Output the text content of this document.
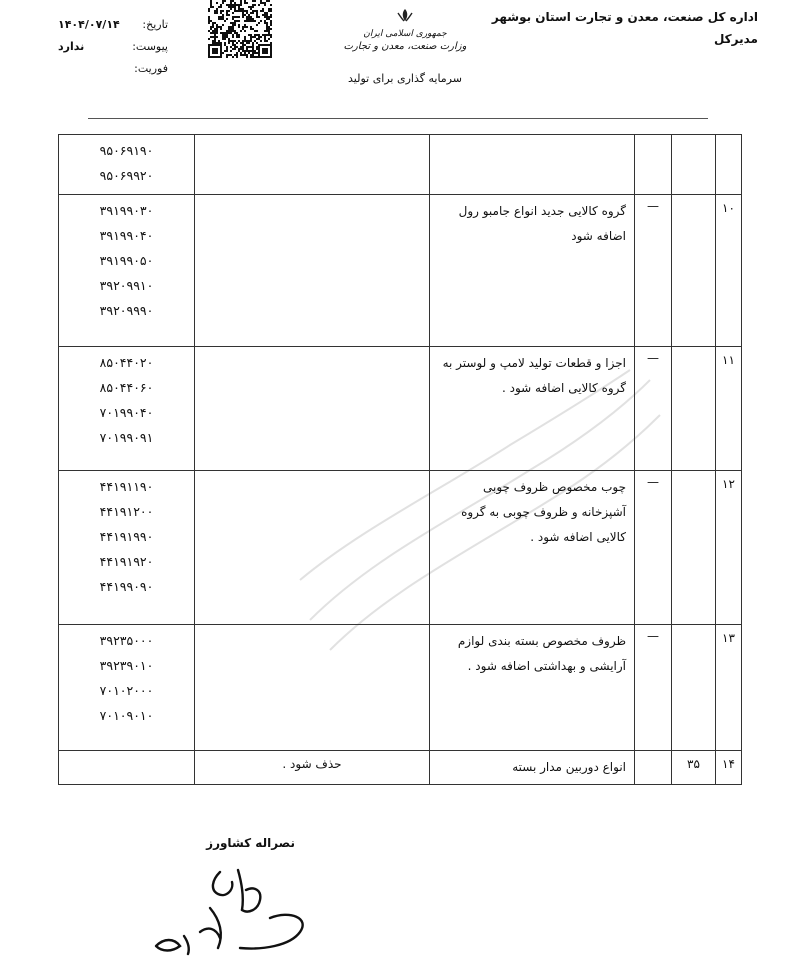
اداره کل صنعت، معدن و تجارت استان بوشهر
مدیرکل
جمهوری اسلامی ایران
وزارت صنعت، معدن و تجارت
سرمایه گذاری برای تولید
تاریخ:
۱۴۰۴/۰۷/۱۴
پیوست:
ندارد
فوریت:

					۹۵۰۶۹۱۹۰
۹۵۰۶۹۹۲۰

۱۰		—	گروه کالایی جدید انواع جامبو رول اضافه شود		۳۹۱۹۹۰۳۰
۳۹۱۹۹۰۴۰
۳۹۱۹۹۰۵۰
۳۹۲۰۹۹۱۰
۳۹۲۰۹۹۹۰

۱۱		—	اجزا و قطعات تولید لامپ و لوستر به گروه کالایی اضافه شود .		۸۵۰۴۴۰۲۰
۸۵۰۴۴۰۶۰
۷۰۱۹۹۰۴۰
۷۰۱۹۹۰۹۱

۱۲		—	چوب مخصوص ظروف چوبی آشپزخانه و ظروف چوبی به گروه کالایی اضافه شود .		۴۴۱۹۱۱۹۰
۴۴۱۹۱۲۰۰
۴۴۱۹۱۹۹۰
۴۴۱۹۱۹۲۰
۴۴۱۹۹۰۹۰

۱۳		—	ظروف مخصوص بسته بندی لوازم آرایشی و بهداشتی اضافه شود .		۳۹۲۳۵۰۰۰
۳۹۲۳۹۰۱۰
۷۰۱۰۲۰۰۰
۷۰۱۰۹۰۱۰

۱۴	۳۵		انواع دوربین مدار بسته	حذف شود .	
نصراله کشاورز
